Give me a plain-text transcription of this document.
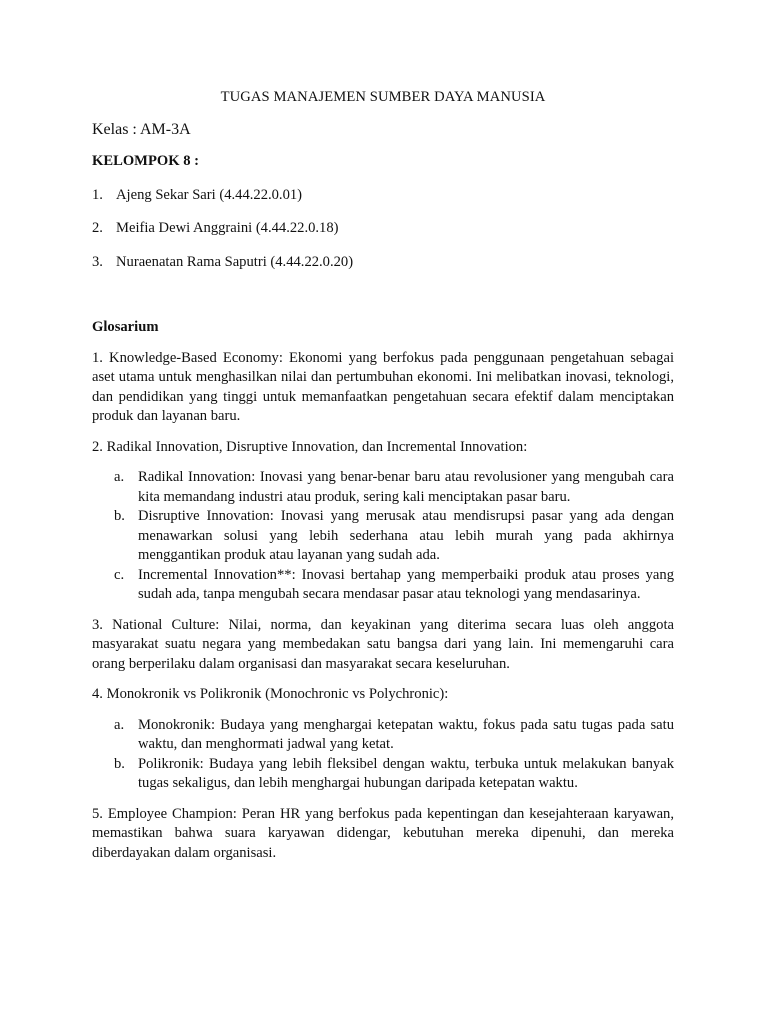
TUGAS MANAJEMEN SUMBER DAYA MANUSIA
Kelas : AM-3A
KELOMPOK 8 :
1. Ajeng Sekar Sari (4.44.22.0.01)
2. Meifia Dewi Anggraini (4.44.22.0.18)
3. Nuraenatan Rama Saputri (4.44.22.0.20)
Glosarium

1. Knowledge-Based Economy: Ekonomi yang berfokus pada penggunaan pengetahuan sebagai aset utama untuk menghasilkan nilai dan pertumbuhan ekonomi. Ini melibatkan inovasi, teknologi, dan pendidikan yang tinggi untuk memanfaatkan pengetahuan secara efektif dalam menciptakan produk dan layanan baru.

2. Radikal Innovation, Disruptive Innovation, dan Incremental Innovation:

a. Radikal Innovation: Inovasi yang benar-benar baru atau revolusioner yang mengubah cara kita memandang industri atau produk, sering kali menciptakan pasar baru.
b. Disruptive Innovation: Inovasi yang merusak atau mendisrupsi pasar yang ada dengan menawarkan solusi yang lebih sederhana atau lebih murah yang pada akhirnya menggantikan produk atau layanan yang sudah ada.
c. Incremental Innovation**: Inovasi bertahap yang memperbaiki produk atau proses yang sudah ada, tanpa mengubah secara mendasar pasar atau teknologi yang mendasarinya.

3. National Culture: Nilai, norma, dan keyakinan yang diterima secara luas oleh anggota masyarakat suatu negara yang membedakan satu bangsa dari yang lain. Ini memengaruhi cara orang berperilaku dalam organisasi dan masyarakat secara keseluruhan.

4. Monokronik vs Polikronik (Monochronic vs Polychronic):

a. Monokronik: Budaya yang menghargai ketepatan waktu, fokus pada satu tugas pada satu waktu, dan menghormati jadwal yang ketat.
b. Polikronik: Budaya yang lebih fleksibel dengan waktu, terbuka untuk melakukan banyak tugas sekaligus, dan lebih menghargai hubungan daripada ketepatan waktu.

5. Employee Champion: Peran HR yang berfokus pada kepentingan dan kesejahteraan karyawan, memastikan bahwa suara karyawan didengar, kebutuhan mereka dipenuhi, dan mereka diberdayakan dalam organisasi.
